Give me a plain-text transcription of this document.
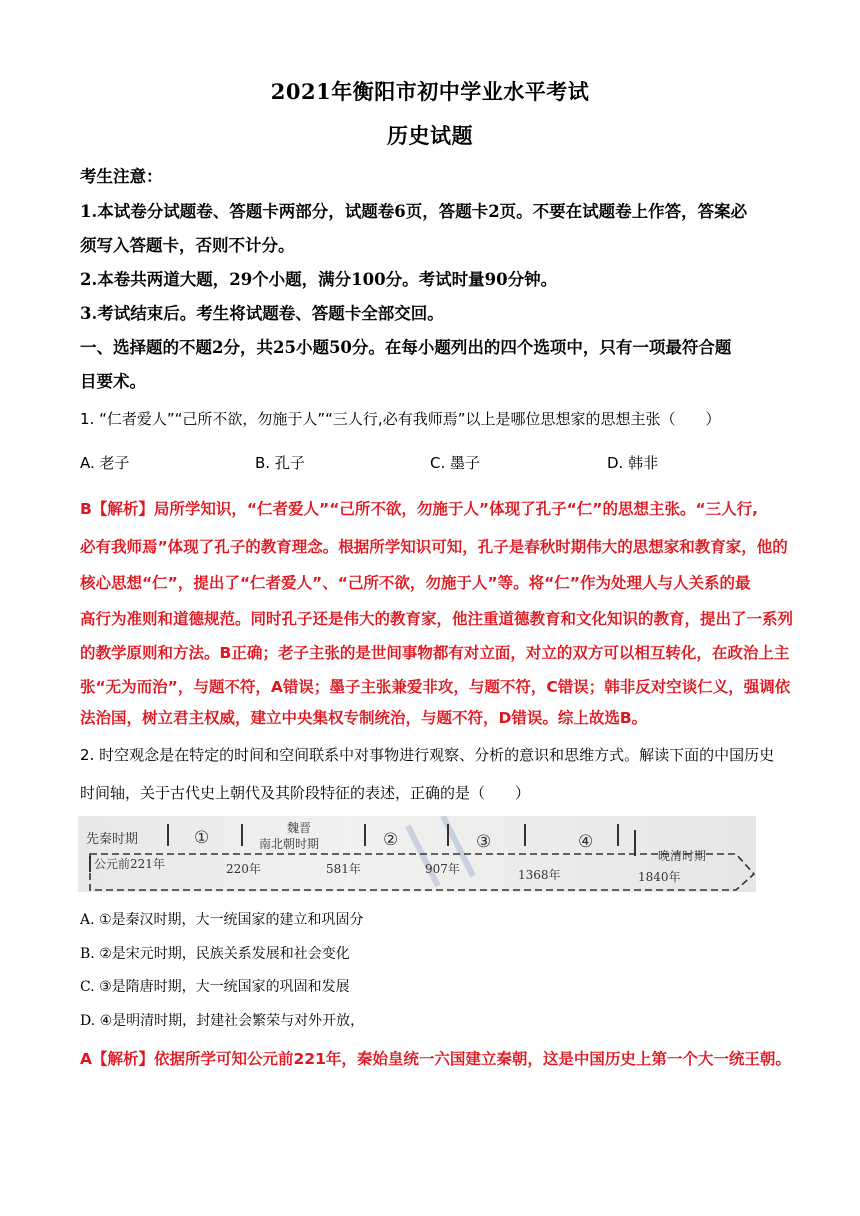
2021年衡阳市初中学业水平考试
历史试题
考生注意：
1.本试卷分试题卷、答题卡两部分，试题卷6页，答题卡2页。不要在试题卷上作答，答案必
须写入答题卡，否则不计分。
2.本卷共两道大题，29个小题，满分100分。考试时量90分钟。
3.考试结束后。考生将试题卷、答题卡全部交回。
一、选择题的不题2分，共25小题50分。在每小题列出的四个选项中，只有一项最符合题
目要术。
1. “仁者爱人”“己所不欲，勿施于人”“三人行,必有我师焉”以上是哪位思想家的思想主张（　　）
A. 老子	B. 孔子	C. 墨子	D. 韩非
B【解析】局所学知识，“仁者爱人”“己所不欲，勿施于人”体现了孔子“仁”的思想主张。“三人行,
必有我师焉”体现了孔子的教育理念。根据所学知识可知，孔子是春秋时期伟大的思想家和教育家，他的
核心思想“仁”，提出了“仁者爱人”、“己所不欲，勿施于人”等。将“仁”作为处理人与人关系的最
高行为准则和道德规范。同时孔子还是伟大的教育家，他注重道德教育和文化知识的教育，提出了一系列
的教学原则和方法。B正确；老子主张的是世间事物都有对立面，对立的双方可以相互转化，在政治上主
张“无为而治”，与题不符，A错误；墨子主张兼爱非攻，与题不符，C错误；韩非反对空谈仁义，强调依
法治国，树立君主权威，建立中央集权专制统治，与题不符，D错误。综上故选B。
2. 时空观念是在特定的时间和空间联系中对事物进行观察、分析的意识和思维方式。解读下面的中国历史
时间轴，关于古代史上朝代及其阶段特征的表述，正确的是（　　）
先秦时期	①	魏晋
南北朝时期	②	③	④
晚清时期
公元前221年	220年	581年	907年	1368年	1840年
A. ①是秦汉时期，大一统国家的建立和巩固分
B. ②是宋元时期，民族关系发展和社会变化
C. ③是隋唐时期，大一统国家的巩固和发展
D. ④是明清时期，封建社会繁荣与对外开放，
A【解析】依据所学可知公元前221年，秦始皇统一六国建立秦朝，这是中国历史上第一个大一统王朝。
